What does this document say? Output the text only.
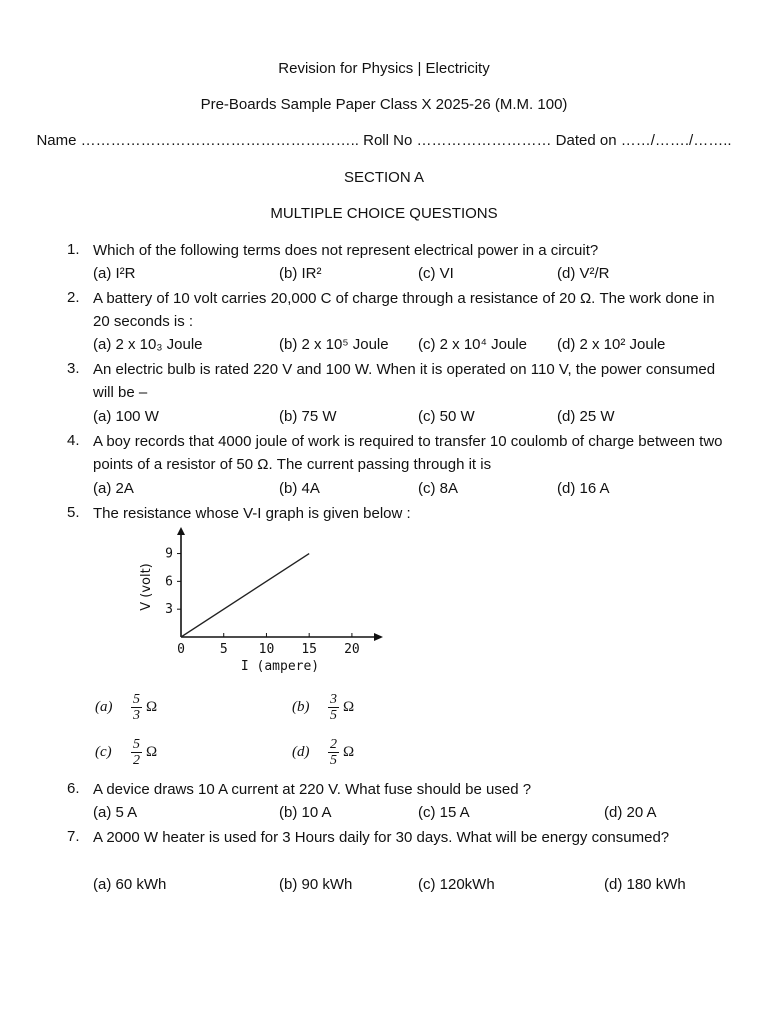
Revision for Physics | Electricity
Pre-Boards Sample Paper Class X 2025-26 (M.M. 100)
Name ……………………………………………….. Roll No ……………………… Dated on ……/……./……..
SECTION A
MULTIPLE CHOICE QUESTIONS
1. Which of the following terms does not represent electrical power in a circuit?
(a) I²R	(b) IR²	(c) VI	(d) V²/R
2. A battery of 10 volt carries 20,000 C of charge through a resistance of 20 Ω. The work done in 20 seconds is :
(a) 2 x 10₃ Joule	(b) 2 x 10⁵ Joule (c) 2 x 10⁴ Joule (d) 2 x 10² Joule
3. An electric bulb is rated 220 V and 100 W. When it is operated on 110 V, the power consumed will be –
(a) 100 W	(b) 75 W	(c) 50 W	(d) 25 W
4. A boy records that 4000 joule of work is required to transfer 10 coulomb of charge between two points of a resistor of 50 Ω. The current passing through it is
(a) 2A	(b) 4A	(c) 8A	(d) 16 A
5. The resistance whose V-I graph is given below :
0	5 10 15 20
3
6
9
V (volt)
I (ampere)
$(a) \frac{5}{3}$ Ω	$(b) \frac{3}{5}$ Ω
$(c) \frac{5}{2}$ Ω	$(d) \frac{2}{5}$ Ω
6. A device draws 10 A current at 220 V. What fuse should be used ?
(a) 5 A	(b) 10 A	(c) 15 A	(d) 20 A
7. A 2000 W heater is used for 3 Hours daily for 30 days. What will be energy consumed?
(a) 60 kWh	(b) 90 kWh	(c) 120kWh	(d) 180 kWh
